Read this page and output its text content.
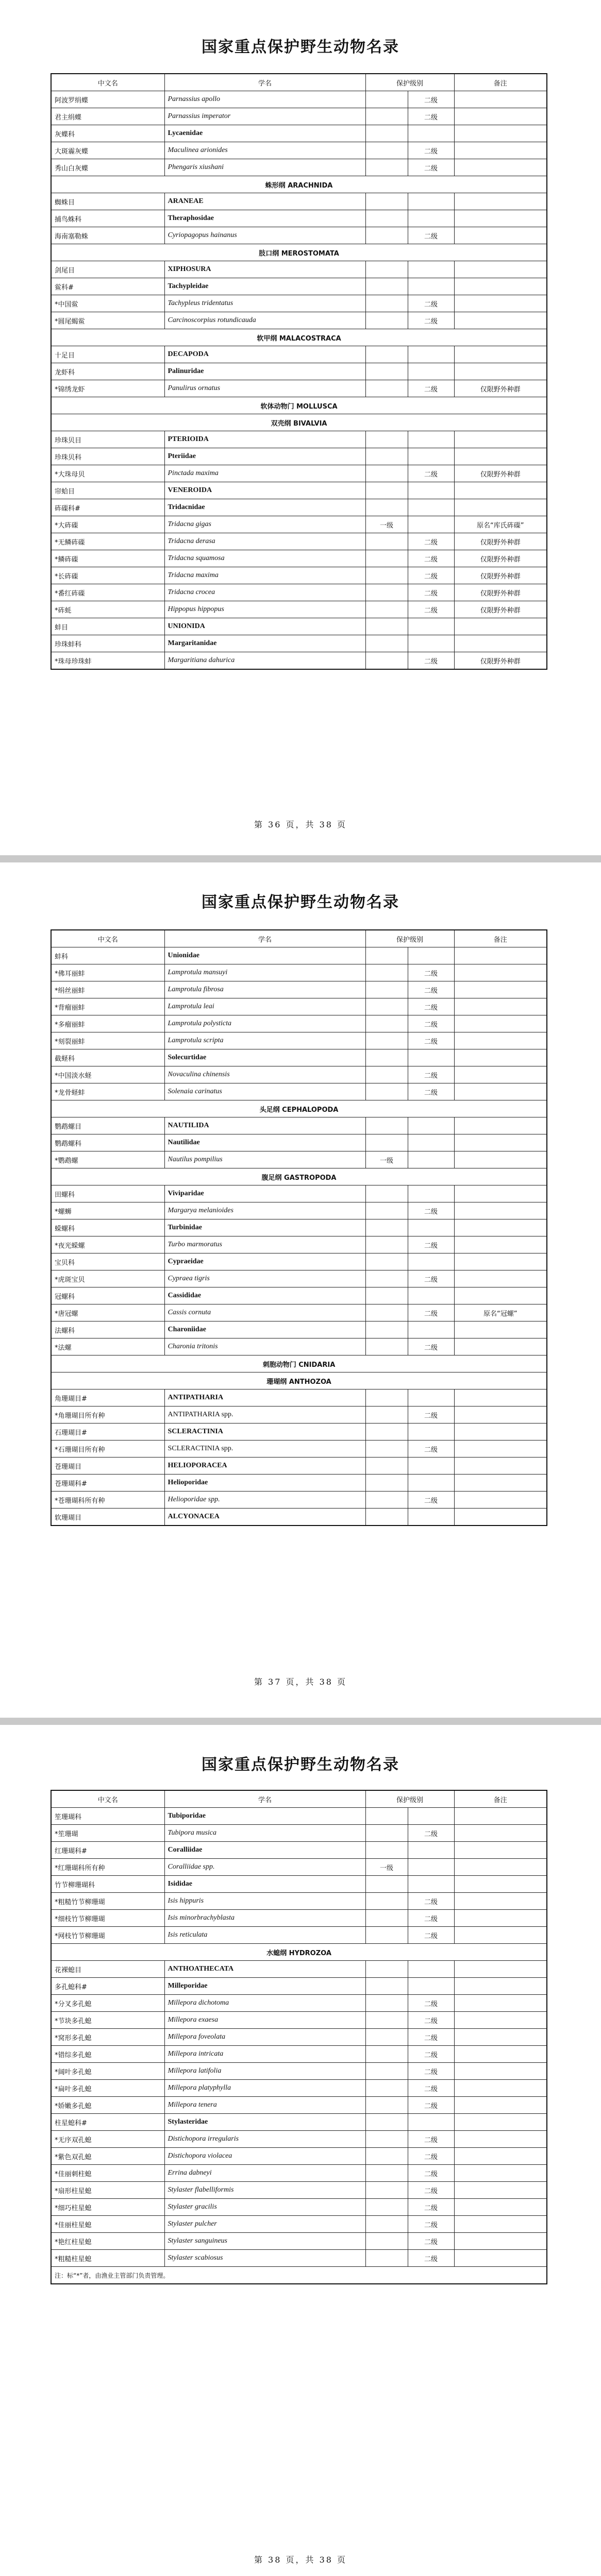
国家重点保护野生动物名录
中文名	学名	保护级别		备注
阿波罗绢蝶	Parnassius apollo		二级	
君主绢蝶	Parnassius imperator		二级	
灰蝶科	Lycaenidae			
大斑霾灰蝶	Maculinea arionides		二级	
秀山白灰蝶	Phengaris xiushani		二级	
蛛形纲 ARACHNIDA				
蜘蛛目	ARANEAE			
捕鸟蛛科	Theraphosidae			
海南塞勒蛛	Cyriopagopus hainanus		二级	
肢口纲 MEROSTOMATA				
剑尾目	XIPHOSURA			
鲎科#	Tachypleidae			
*中国鲎	Tachypleus tridentatus		二级	
*圆尾蝎鲎	Carcinoscorpius rotundicauda		二级	
软甲纲 MALACOSTRACA				
十足目	DECAPODA			
龙虾科	Palinuridae			
*锦绣龙虾	Panulirus ornatus		二级	仅限野外种群
软体动物门 MOLLUSCA				
双壳纲 BIVALVIA				
珍珠贝目	PTERIOIDA			
珍珠贝科	Pteriidae			
*大珠母贝	Pinctada maxima		二级	仅限野外种群
帘蛤目	VENEROIDA			
砗磲科#	Tridacnidae			
*大砗磲	Tridacna gigas	一级		原名“库氏砗磲”
*无鳞砗磲	Tridacna derasa		二级	仅限野外种群
*鳞砗磲	Tridacna squamosa		二级	仅限野外种群
*长砗磲	Tridacna maxima		二级	仅限野外种群
*番红砗磲	Tridacna crocea		二级	仅限野外种群
*砗蚝	Hippopus hippopus		二级	仅限野外种群
蚌目	UNIONIDA			
珍珠蚌科	Margaritanidae			
*珠母珍珠蚌	Margaritiana dahurica		二级	仅限野外种群
第 36 页，共 38 页
国家重点保护野生动物名录
中文名	学名	保护级别		备注
蚌科	Unionidae			
*佛耳丽蚌	Lamprotula mansuyi		二级	
*绢丝丽蚌	Lamprotula fibrosa		二级	
*背瘤丽蚌	Lamprotula leai		二级	
*多瘤丽蚌	Lamprotula polysticta		二级	
*刻裂丽蚌	Lamprotula scripta		二级	
截蛏科	Solecurtidae			
*中国淡水蛏	Novaculina chinensis		二级	
*龙骨蛏蚌	Solenaia carinatus		二级	
头足纲 CEPHALOPODA				
鹦鹉螺目	NAUTILIDA			
鹦鹉螺科	Nautilidae			
*鹦鹉螺	Nautilus pompilius	一级		
腹足纲 GASTROPODA				
田螺科	Viviparidae			
*螺蛳	Margarya melanioides		二级	
蝾螺科	Turbinidae			
*夜光蝾螺	Turbo marmoratus		二级	
宝贝科	Cypraeidae			
*虎斑宝贝	Cypraea tigris		二级	
冠螺科	Cassididae			
*唐冠螺	Cassis cornuta		二级	原名“冠螺”
法螺科	Charoniidae			
*法螺	Charonia tritonis		二级	
刺胞动物门 CNIDARIA				
珊瑚纲 ANTHOZOA				
角珊瑚目#	ANTIPATHARIA			
*角珊瑚目所有种	ANTIPATHARIA spp.		二级	
石珊瑚目#	SCLERACTINIA			
*石珊瑚目所有种	SCLERACTINIA spp.		二级	
苍珊瑚目	HELIOPORACEA			
苍珊瑚科#	Helioporidae			
*苍珊瑚科所有种	Helioporidae spp.		二级	
软珊瑚目	ALCYONACEA			
第 37 页，共 38 页
国家重点保护野生动物名录
中文名	学名	保护级别		备注
笙珊瑚科	Tubiporidae			
*笙珊瑚	Tubipora musica		二级	
红珊瑚科#	Coralliidae			
*红珊瑚科所有种	Coralliidae spp.	一级		
竹节柳珊瑚科	Isididae			
*粗糙竹节柳珊瑚	Isis hippuris		二级	
*细枝竹节柳珊瑚	Isis minorbrachyblasta		二级	
*网枝竹节柳珊瑚	Isis reticulata		二级	
水螅纲 HYDROZOA				
花裸螅目	ANTHOATHECATA			
多孔螅科#	Milleporidae			
*分叉多孔螅	Millepora dichotoma		二级	
*节块多孔螅	Millepora exaesa		二级	
*窝形多孔螅	Millepora foveolata		二级	
*错综多孔螅	Millepora intricata		二级	
*阔叶多孔螅	Millepora latifolia		二级	
*扁叶多孔螅	Millepora platyphylla		二级	
*娇嫩多孔螅	Millepora tenera		二级	
柱星螅科#	Stylasteridae			
*无序双孔螅	Distichopora irregularis		二级	
*紫色双孔螅	Distichopora violacea		二级	
*佳丽刺柱螅	Errina dabneyi		二级	
*扇形柱星螅	Stylaster flabelliformis		二级	
*细巧柱星螅	Stylaster gracilis		二级	
*佳丽柱星螅	Stylaster pulcher		二级	
*艳红柱星螅	Stylaster sanguineus		二级	
*粗糙柱星螅	Stylaster scabiosus		二级	
注：标“*”者，由渔业主管部门负责管理。				
第 38 页，共 38 页
